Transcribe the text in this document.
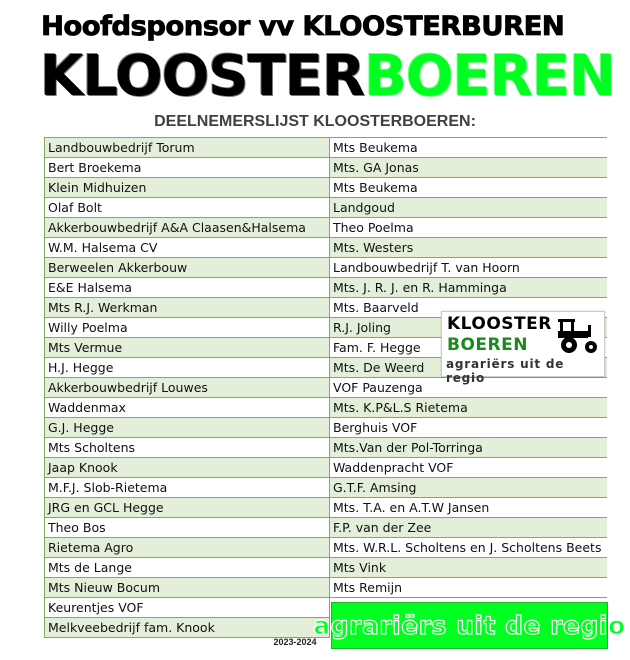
Hoofdsponsor vv KLOOSTERBUREN
KLOOSTERBOEREN
DEELNEMERSLIJST KLOOSTERBOEREN:
Landbouwbedrijf Torum	Mts Beukema
Bert Broekema	Mts. GA Jonas
Klein Midhuizen	Mts Beukema
Olaf Bolt	Landgoud
Akkerbouwbedrijf A&A Claasen&Halsema	Theo Poelma
W.M. Halsema CV	Mts. Westers
Berweelen Akkerbouw	Landbouwbedrijf T. van Hoorn
E&E Halsema	Mts. J. R. J. en R. Hamminga
Mts R.J. Werkman	Mts. Baarveld
Willy Poelma	R.J. Joling
Mts Vermue	Fam. F. Hegge
H.J. Hegge	Mts. De Weerd
Akkerbouwbedrijf Louwes	VOF Pauzenga
Waddenmax	Mts. K.P&L.S Rietema
G.J. Hegge	Berghuis VOF
Mts Scholtens	Mts.Van der Pol-Torringa
Jaap Knook	Waddenpracht VOF
M.F.J. Slob-Rietema	G.T.F. Amsing
JRG en GCL Hegge	Mts. T.A. en A.T.W Jansen
Theo Bos	F.P. van der Zee
Rietema Agro	Mts. W.R.L. Scholtens en J. Scholtens Beets
Mts de Lange	Mts Vink
Mts Nieuw Bocum	Mts Remijn
Keurentjes VOF	
Melkveebedrijf fam. Knook	
KLOOSTER
BOEREN
agrariërs uit de regio
agrariërs uit de regio
2023-2024
